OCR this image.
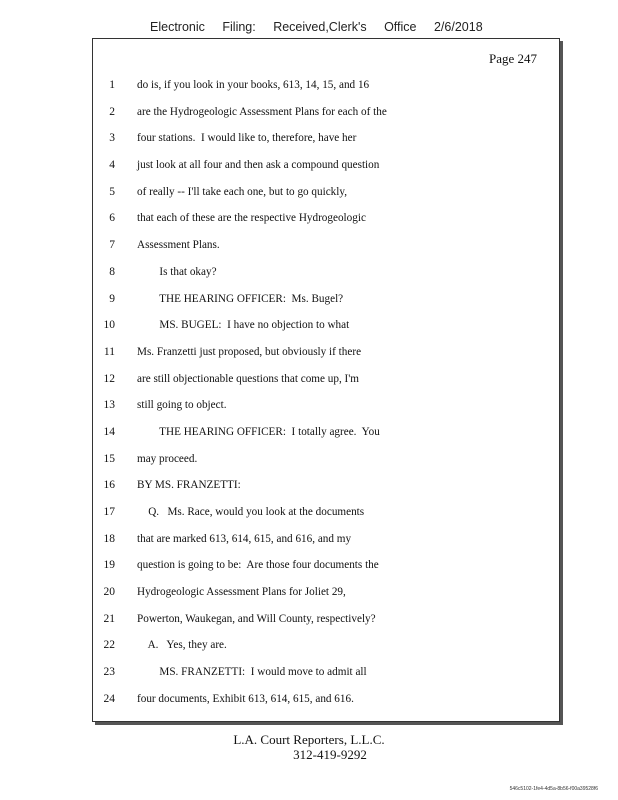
Electronic Filing: Received,Clerk's Office 2/6/2018
Page 247
1 do is, if you look in your books, 613, 14, 15, and 16
2 are the Hydrogeologic Assessment Plans for each of the
3 four stations.  I would like to, therefore, have her
4 just look at all four and then ask a compound question
5 of really -- I'll take each one, but to go quickly,
6 that each of these are the respective Hydrogeologic
7 Assessment Plans.
8 Is that okay?
9 THE HEARING OFFICER:  Ms. Bugel?
10 MS. BUGEL:  I have no objection to what
11 Ms. Franzetti just proposed, but obviously if there
12 are still objectionable questions that come up, I'm
13 still going to object.
14 THE HEARING OFFICER:  I totally agree.  You
15 may proceed.
16 BY MS. FRANZETTI:
17 Q.   Ms. Race, would you look at the documents
18 that are marked 613, 614, 615, and 616, and my
19 question is going to be:  Are those four documents the
20 Hydrogeologic Assessment Plans for Joliet 29,
21 Powerton, Waukegan, and Will County, respectively?
22 A.   Yes, they are.
23 MS. FRANZETTI:  I would move to admit all
24 four documents, Exhibit 613, 614, 615, and 616.
L.A. Court Reporters, L.L.C.
312-419-9292
546c5102-1fe4-4d5a-8b56-f00a39528f6
